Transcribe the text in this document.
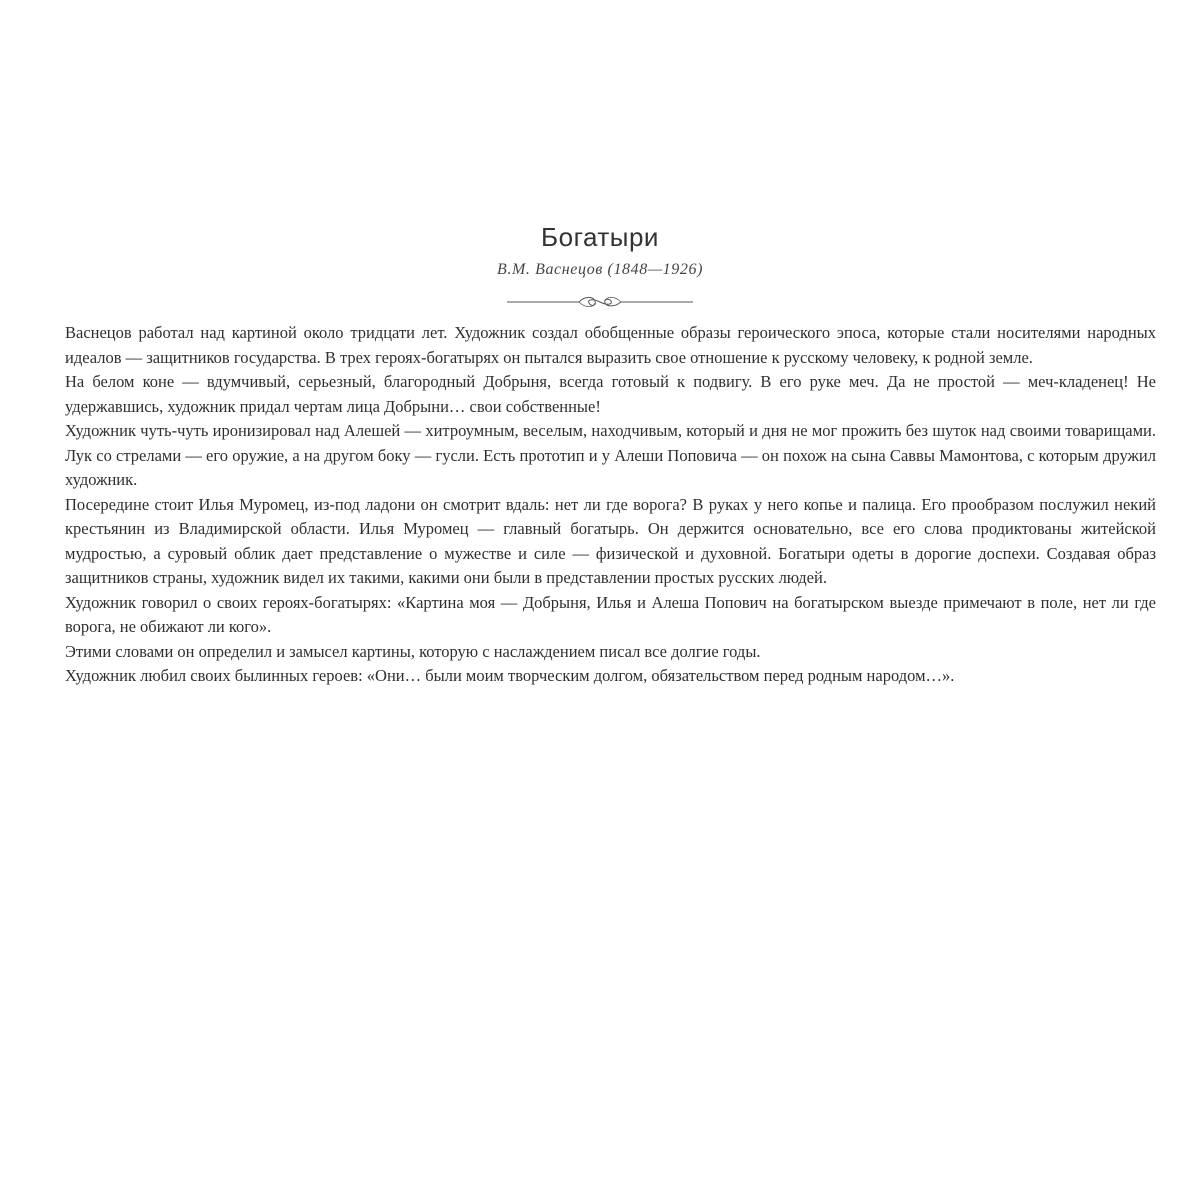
Богатыри
В.М. Васнецов (1848—1926)

Васнецов работал над картиной около тридцати лет. Художник создал обобщенные образы героического эпоса, которые стали носителями народных идеалов — защитников государства. В трех героях-богатырях он пытался выразить свое отношение к русскому человеку, к родной земле.

На белом коне — вдумчивый, серьезный, благородный Добрыня, всегда готовый к подвигу. В его руке меч. Да не простой — меч-кладенец! Не удержавшись, художник придал чертам лица Добрыни… свои собственные!

Художник чуть-чуть иронизировал над Алешей — хитроумным, веселым, находчивым, который и дня не мог прожить без шуток над своими товарищами. Лук со стрелами — его оружие, а на другом боку — гусли. Есть прототип и у Алеши Поповича — он похож на сына Саввы Мамонтова, с которым дружил художник.

Посередине стоит Илья Муромец, из-под ладони он смотрит вдаль: нет ли где ворога? В руках у него копье и палица. Его прообразом послужил некий крестьянин из Владимирской области. Илья Муромец — главный богатырь. Он держится основательно, все его слова продиктованы житейской мудростью, а суровый облик дает представление о мужестве и силе — физической и духовной. Богатыри одеты в дорогие доспехи. Создавая образ защитников страны, художник видел их такими, какими они были в представлении простых русских людей.

Художник говорил о своих героях-богатырях: «Картина моя — Добрыня, Илья и Алеша Попович на богатырском выезде примечают в поле, нет ли где ворога, не обижают ли кого».

Этими словами он определил и замысел картины, которую с наслаждением писал все долгие годы.

Художник любил своих былинных героев: «Они… были моим творческим долгом, обязательством перед родным народом…».
